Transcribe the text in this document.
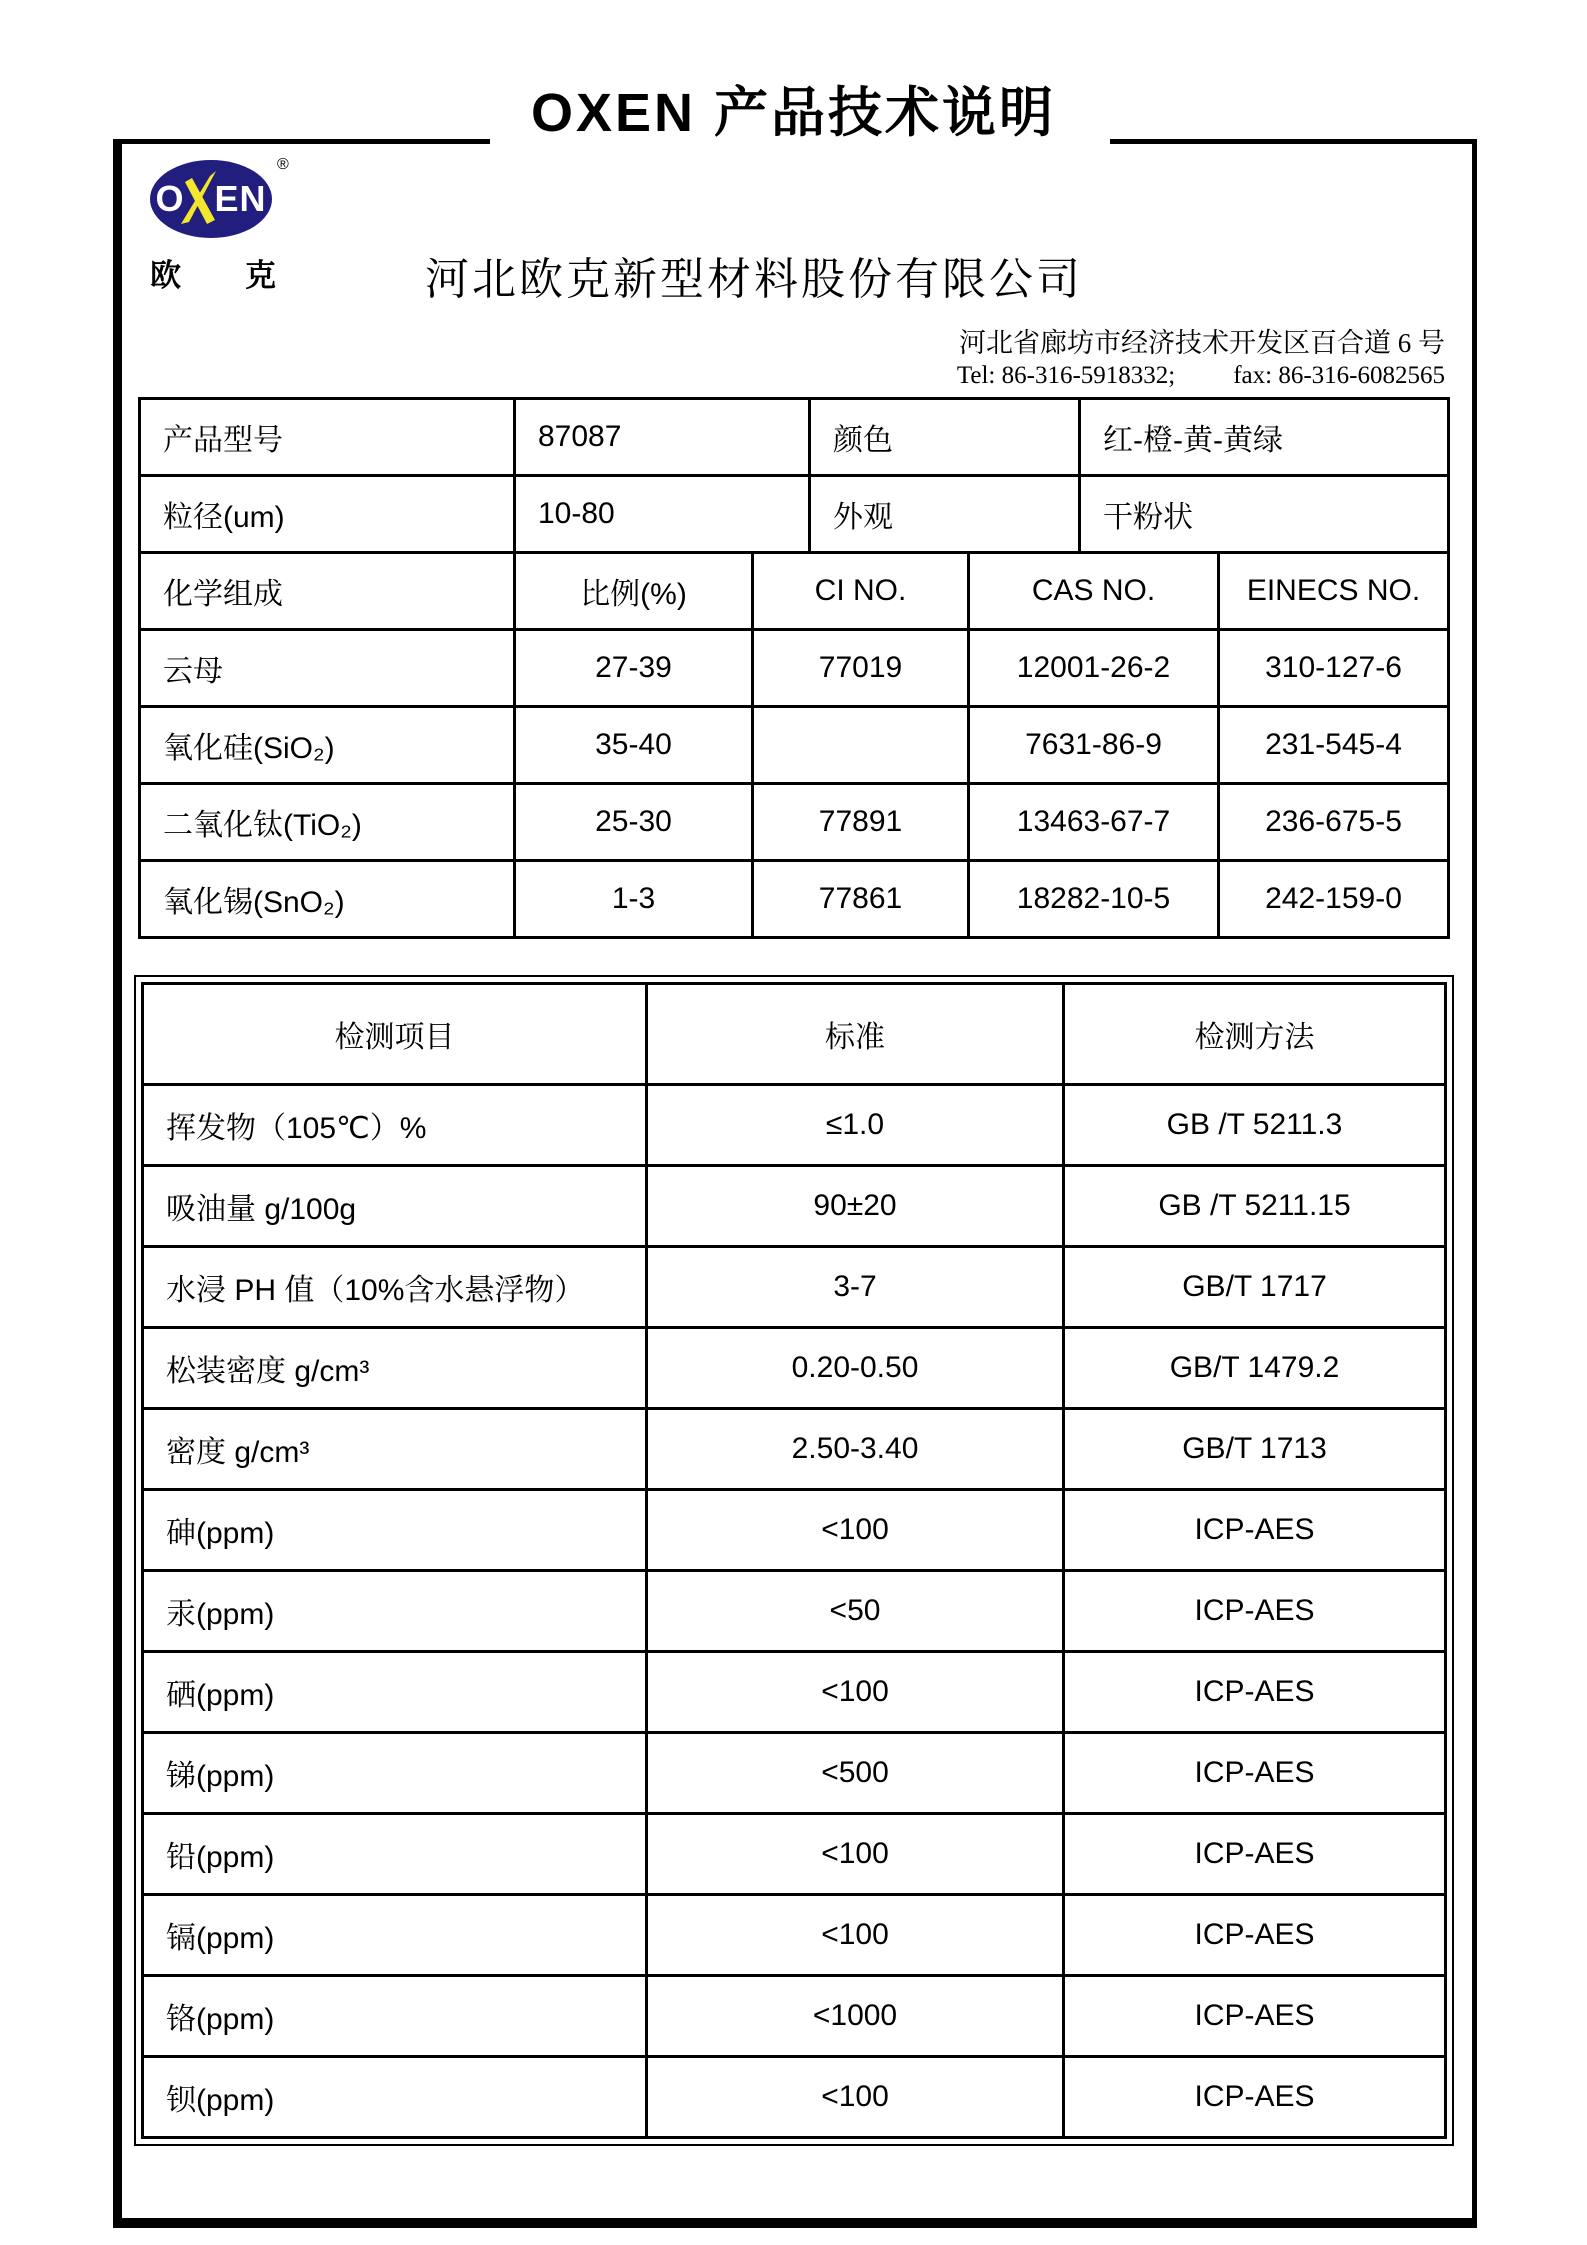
OXEN 产品技术说明
O EN
®
欧 克	河北欧克新型材料股份有限公司
河北省廊坊市经济技术开发区百合道 6 号
Tel: 86-316-5918332; fax: 86-316-6082565
产品型号	87087	颜色	红-橙-黄-黄绿
粒径(um)	10-80	外观	干粉状
化学组成	比例(%)	CI NO.	CAS NO.	EINECS NO.
云母	27-39	77019	12001-26-2	310-127-6
氧化硅(SiO₂)	35-40		7631-86-9	231-545-4
二氧化钛(TiO₂)	25-30	77891	13463-67-7	236-675-5
氧化锡(SnO₂)	1-3	77861	18282-10-5	242-159-0
检测项目	标准	检测方法
挥发物（105℃）%	≤1.0	GB /T 5211.3
吸油量 g/100g	90±20	GB /T 5211.15
水浸 PH 值（10%含水悬浮物）	3-7	GB/T 1717
松装密度 g/cm³	0.20-0.50	GB/T 1479.2
密度 g/cm³	2.50-3.40	GB/T 1713
砷(ppm)	<100	ICP-AES
汞(ppm)	<50	ICP-AES
硒(ppm)	<100	ICP-AES
锑(ppm)	<500	ICP-AES
铅(ppm)	<100	ICP-AES
镉(ppm)	<100	ICP-AES
铬(ppm)	<1000	ICP-AES
钡(ppm)	<100	ICP-AES
